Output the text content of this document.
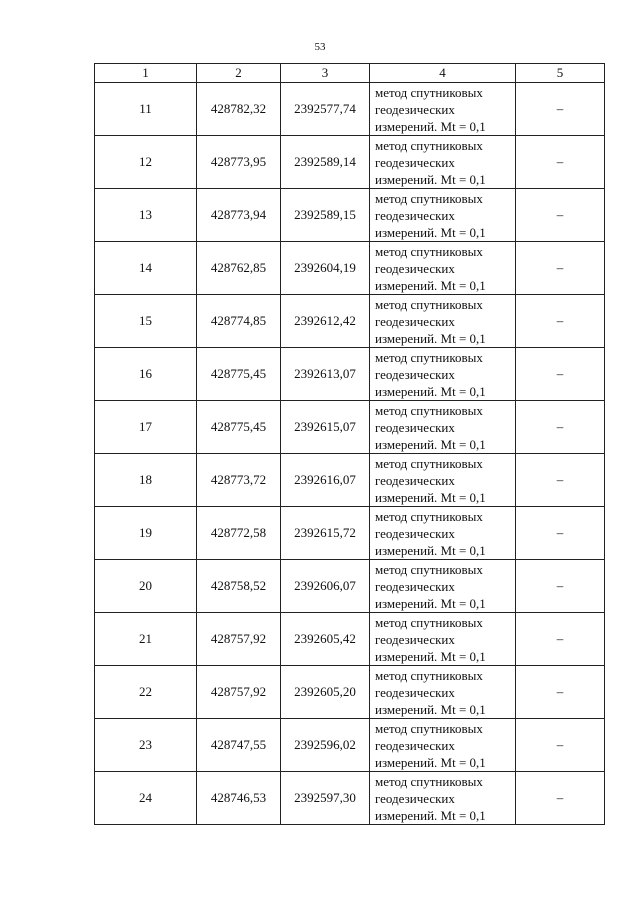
53
1	2	3	4	5
11	428782,32	2392577,74	метод спутниковых
геодезических
измерений. Mt = 0,1	–
12	428773,95	2392589,14	метод спутниковых
геодезических
измерений. Mt = 0,1	–
13	428773,94	2392589,15	метод спутниковых
геодезических
измерений. Mt = 0,1	–
14	428762,85	2392604,19	метод спутниковых
геодезических
измерений. Mt = 0,1	–
15	428774,85	2392612,42	метод спутниковых
геодезических
измерений. Mt = 0,1	–
16	428775,45	2392613,07	метод спутниковых
геодезических
измерений. Mt = 0,1	–
17	428775,45	2392615,07	метод спутниковых
геодезических
измерений. Mt = 0,1	–
18	428773,72	2392616,07	метод спутниковых
геодезических
измерений. Mt = 0,1	–
19	428772,58	2392615,72	метод спутниковых
геодезических
измерений. Mt = 0,1	–
20	428758,52	2392606,07	метод спутниковых
геодезических
измерений. Mt = 0,1	–
21	428757,92	2392605,42	метод спутниковых
геодезических
измерений. Mt = 0,1	–
22	428757,92	2392605,20	метод спутниковых
геодезических
измерений. Mt = 0,1	–
23	428747,55	2392596,02	метод спутниковых
геодезических
измерений. Mt = 0,1	–
24	428746,53	2392597,30	метод спутниковых
геодезических
измерений. Mt = 0,1	–
